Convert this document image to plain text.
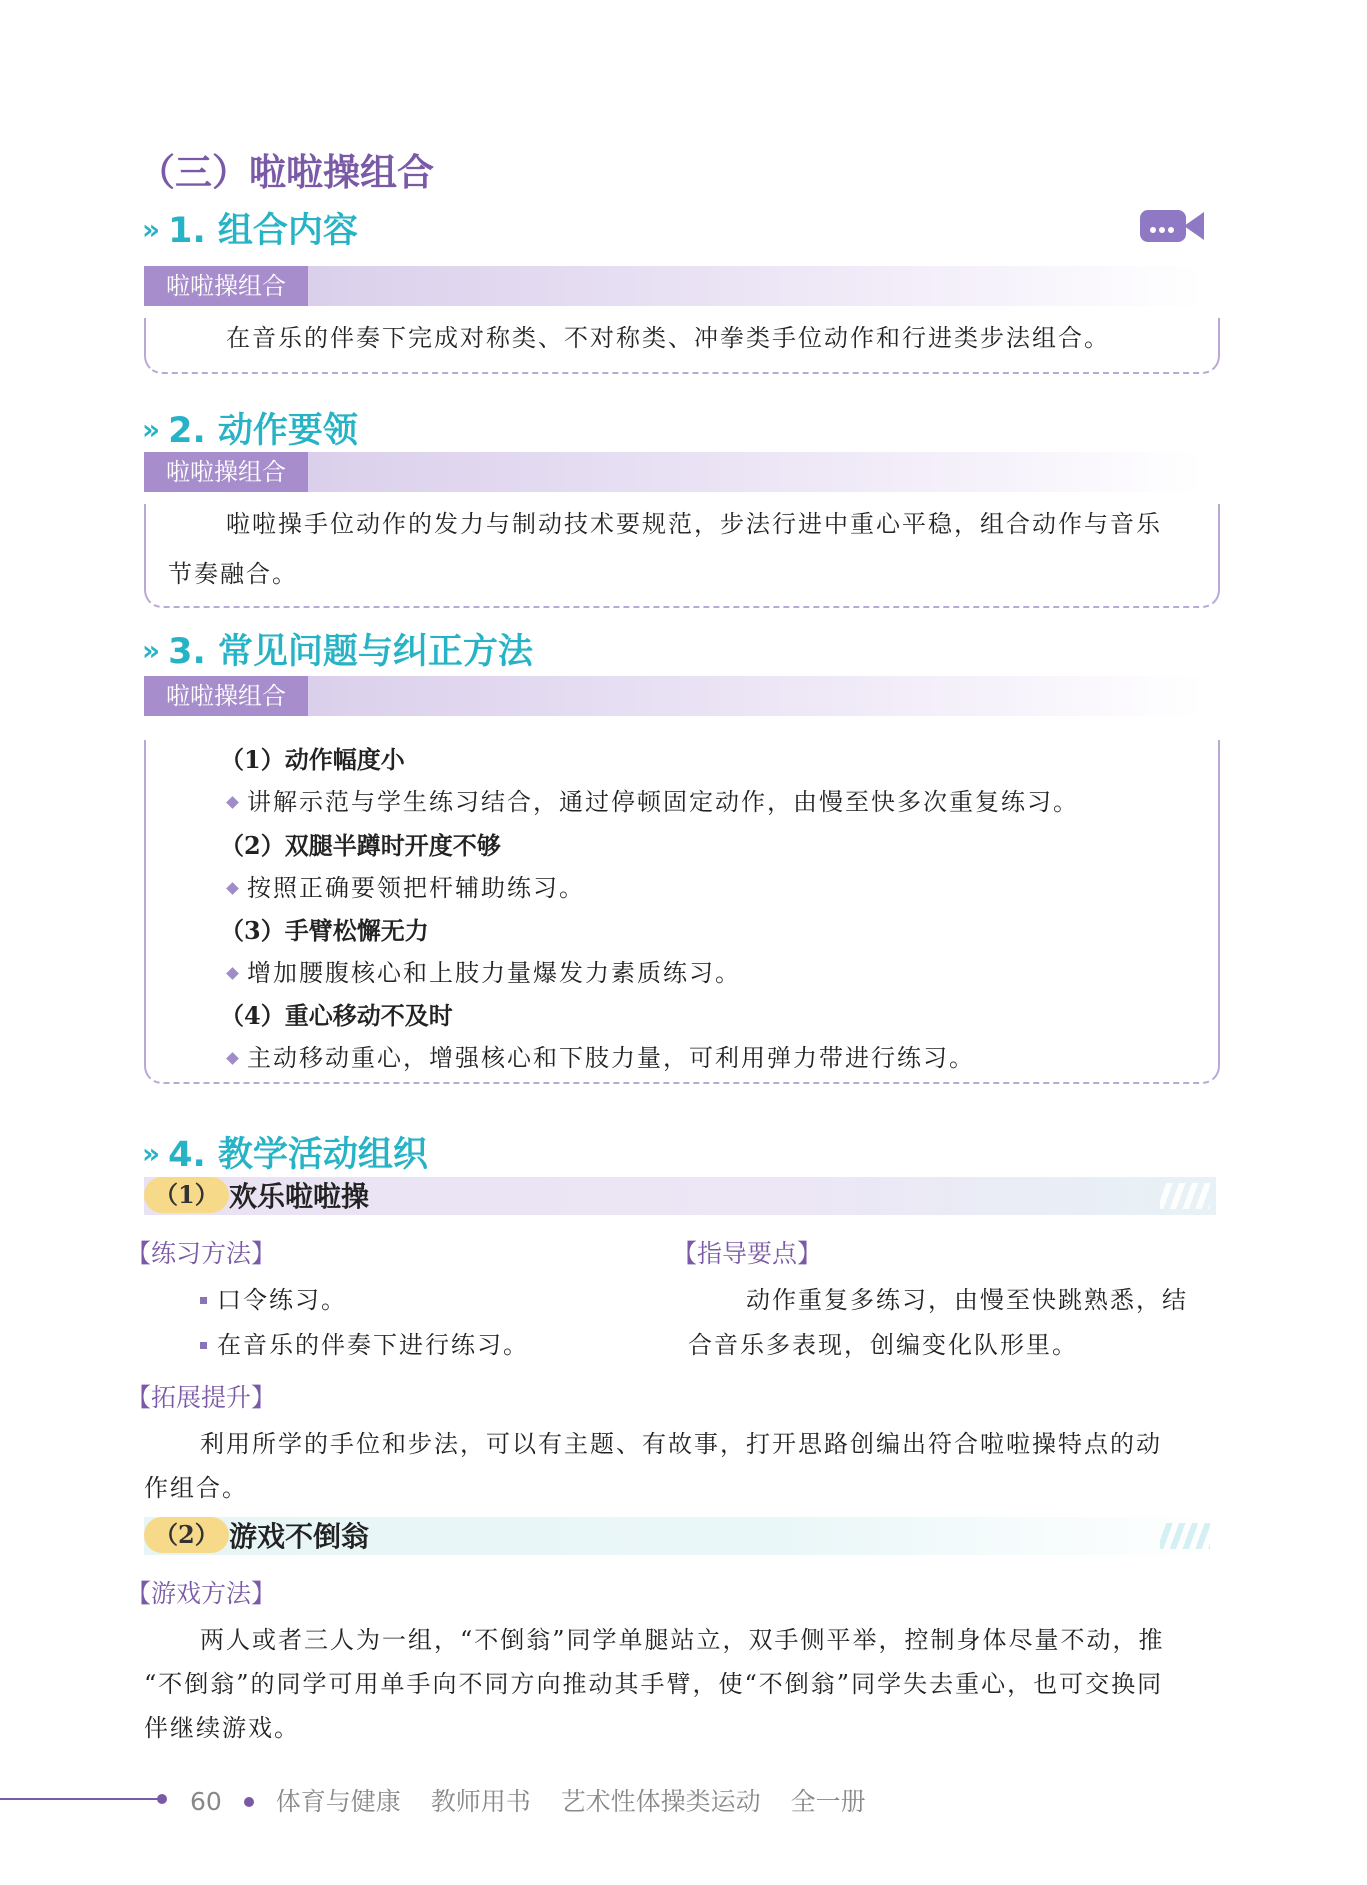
（三）啦啦操组合
» 1. 组合内容
啦啦操组合
在音乐的伴奏下完成对称类、不对称类、冲拳类手位动作和行进类步法组合。
» 2. 动作要领
啦啦操组合
啦啦操手位动作的发力与制动技术要规范，步法行进中重心平稳，组合动作与音乐
节奏融合。
» 3. 常见问题与纠正方法
啦啦操组合
（1）动作幅度小
讲解示范与学生练习结合，通过停顿固定动作，由慢至快多次重复练习。
（2）双腿半蹲时开度不够
按照正确要领把杆辅助练习。
（3）手臂松懈无力
增加腰腹核心和上肢力量爆发力素质练习。
（4）重心移动不及时
主动移动重心，增强核心和下肢力量，可利用弹力带进行练习。
» 4. 教学活动组织
（1） 欢乐啦啦操
【练习方法】
口令练习。
在音乐的伴奏下进行练习。
【指导要点】
动作重复多练习，由慢至快跳熟悉，结
合音乐多表现，创编变化队形里。
【拓展提升】
利用所学的手位和步法，可以有主题、有故事，打开思路创编出符合啦啦操特点的动
作组合。
（2） 游戏不倒翁
【游戏方法】
两人或者三人为一组，“不倒翁”同学单腿站立，双手侧平举，控制身体尽量不动，推
“不倒翁”的同学可用单手向不同方向推动其手臂，使“不倒翁”同学失去重心，也可交换同
伴继续游戏。
60 体育与健康 教师用书 艺术性体操类运动 全一册
